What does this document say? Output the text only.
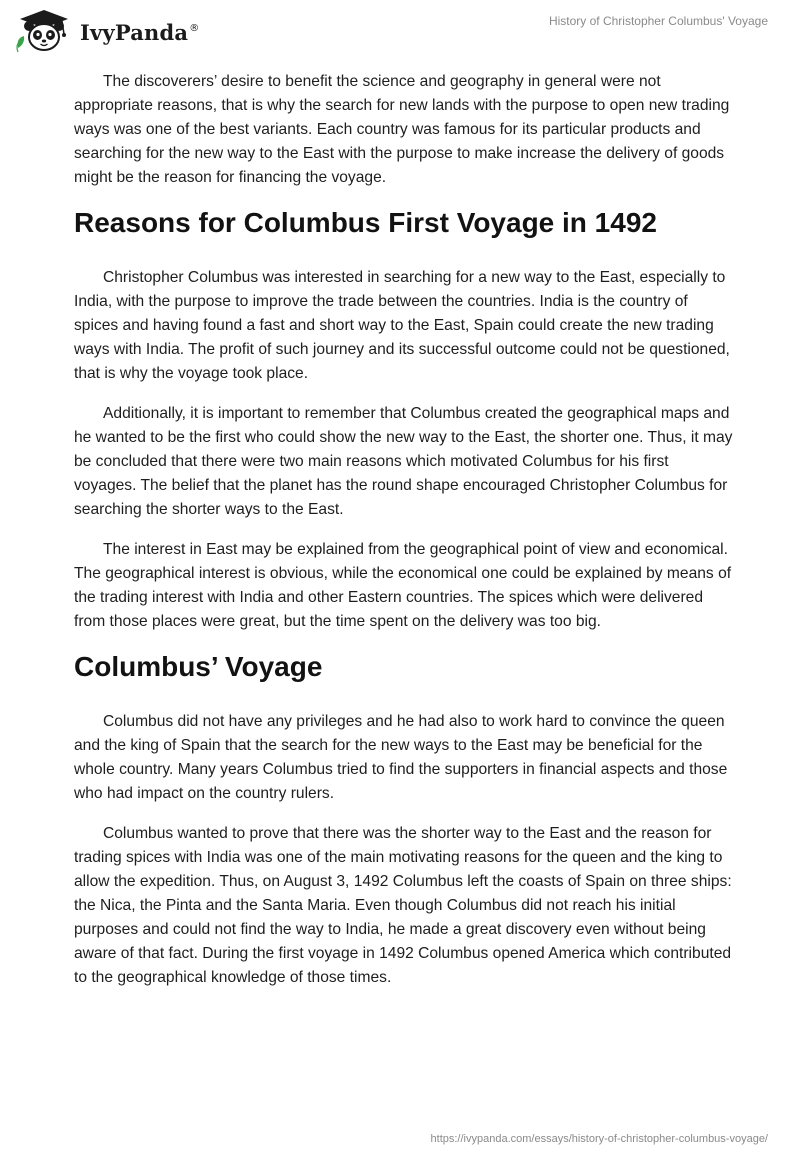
IvyPanda®
History of Christopher Columbus' Voyage

The discoverers’ desire to benefit the science and geography in general were not appropriate reasons, that is why the search for new lands with the purpose to open new trading ways was one of the best variants. Each country was famous for its particular products and searching for the new way to the East with the purpose to make increase the delivery of goods might be the reason for financing the voyage.

Reasons for Columbus First Voyage in 1492

Christopher Columbus was interested in searching for a new way to the East, especially to India, with the purpose to improve the trade between the countries. India is the country of spices and having found a fast and short way to the East, Spain could create the new trading ways with India. The profit of such journey and its successful outcome could not be questioned, that is why the voyage took place.

Additionally, it is important to remember that Columbus created the geographical maps and he wanted to be the first who could show the new way to the East, the shorter one. Thus, it may be concluded that there were two main reasons which motivated Columbus for his first voyages. The belief that the planet has the round shape encouraged Christopher Columbus for searching the shorter ways to the East.

The interest in East may be explained from the geographical point of view and economical. The geographical interest is obvious, while the economical one could be explained by means of the trading interest with India and other Eastern countries. The spices which were delivered from those places were great, but the time spent on the delivery was too big.

Columbus’ Voyage

Columbus did not have any privileges and he had also to work hard to convince the queen and the king of Spain that the search for the new ways to the East may be beneficial for the whole country. Many years Columbus tried to find the supporters in financial aspects and those who had impact on the country rulers.

Columbus wanted to prove that there was the shorter way to the East and the reason for trading spices with India was one of the main motivating reasons for the queen and the king to allow the expedition. Thus, on August 3, 1492 Columbus left the coasts of Spain on three ships: the Nica, the Pinta and the Santa Maria. Even though Columbus did not reach his initial purposes and could not find the way to India, he made a great discovery even without being aware of that fact. During the first voyage in 1492 Columbus opened America which contributed to the geographical knowledge of those times.

https://ivypanda.com/essays/history-of-christopher-columbus-voyage/
